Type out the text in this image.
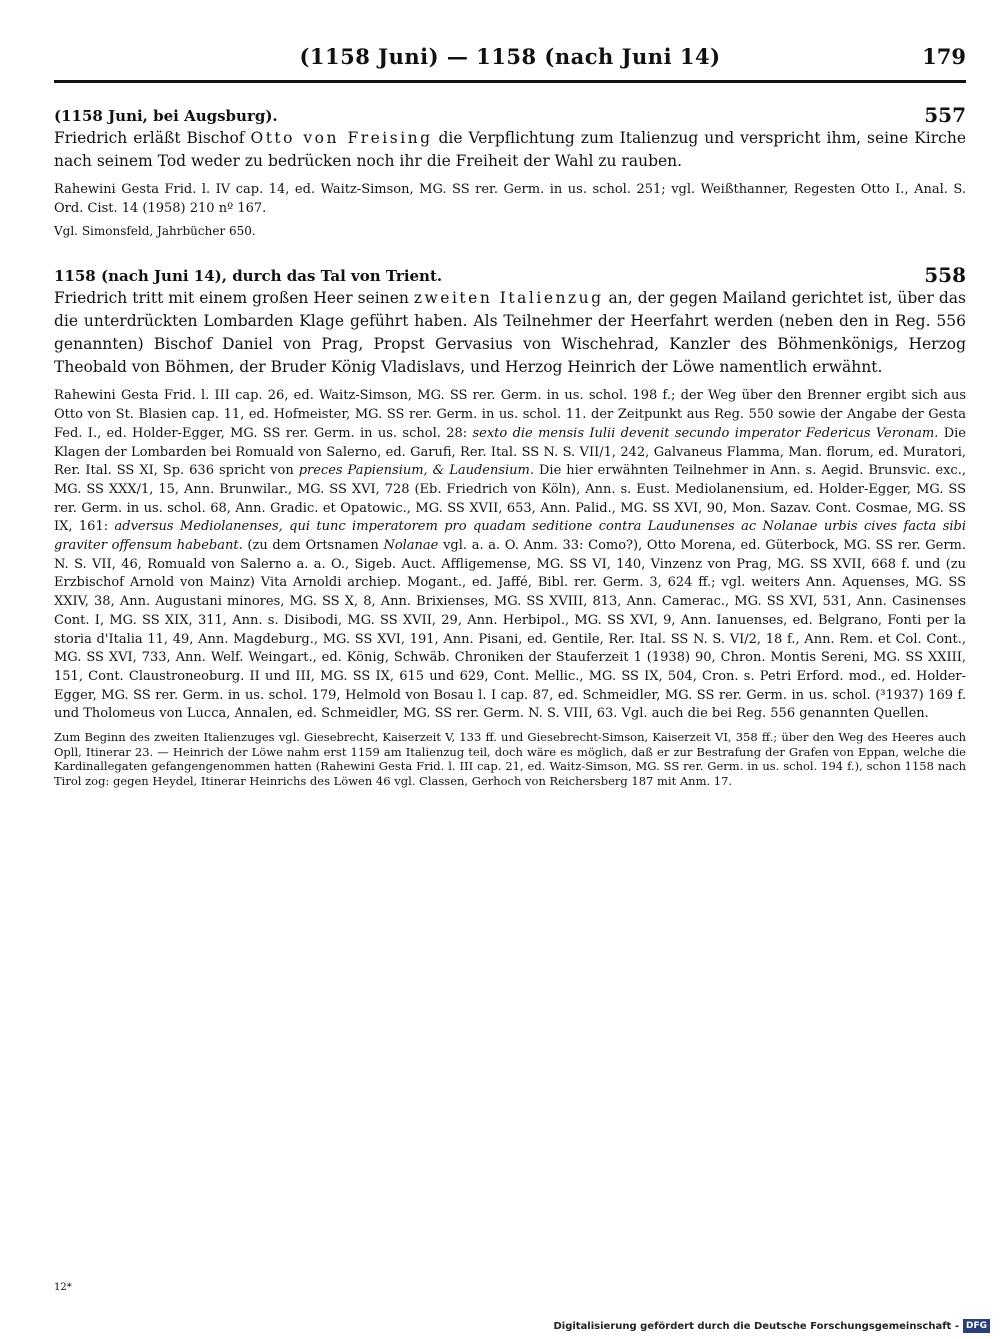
(1158 Juni) — 1158 (nach Juni 14)	179
(1158 Juni, bei Augsburg).	557

Friedrich erläßt Bischof Otto von Freising die Verpflichtung zum Italienzug und verspricht ihm, seine Kirche nach seinem Tod weder zu bedrücken noch ihr die Freiheit der Wahl zu rauben.

Rahewini Gesta Frid. l. IV cap. 14, ed. Waitz-Simson, MG. SS rer. Germ. in us. schol. 251; vgl. Weißthanner, Regesten Otto I., Anal. S. Ord. Cist. 14 (1958) 210 nº 167.

Vgl. Simonsfeld, Jahrbücher 650.

1158 (nach Juni 14), durch das Tal von Trient.	558

Friedrich tritt mit einem großen Heer seinen zweiten Italienzug an, der gegen Mailand gerichtet ist, über das die unterdrückten Lombarden Klage geführt haben. Als Teilnehmer der Heerfahrt werden (neben den in Reg. 556 genannten) Bischof Daniel von Prag, Propst Gervasius von Wischehrad, Kanzler des Böhmenkönigs, Herzog Theobald von Böhmen, der Bruder König Vladislavs, und Herzog Heinrich der Löwe namentlich erwähnt.

Rahewini Gesta Frid. l. III cap. 26, ed. Waitz-Simson, MG. SS rer. Germ. in us. schol. 198 f.; der Weg über den Brenner ergibt sich aus Otto von St. Blasien cap. 11, ed. Hofmeister, MG. SS rer. Germ. in us. schol. 11. der Zeitpunkt aus Reg. 550 sowie der Angabe der Gesta Fed. I., ed. Holder-Egger, MG. SS rer. Germ. in us. schol. 28: sexto die mensis Iulii devenit secundo imperator Federicus Veronam. Die Klagen der Lombarden bei Romuald von Salerno, ed. Garufi, Rer. Ital. SS N. S. VII/1, 242, Galvaneus Flamma, Man. florum, ed. Muratori, Rer. Ital. SS XI, Sp. 636 spricht von preces Papiensium, & Laudensium. Die hier erwähnten Teilnehmer in Ann. s. Aegid. Brunsvic. exc., MG. SS XXX/1, 15, Ann. Brunwilar., MG. SS XVI, 728 (Eb. Friedrich von Köln), Ann. s. Eust. Mediolanensium, ed. Holder-Egger, MG. SS rer. Germ. in us. schol. 68, Ann. Gradic. et Opatowic., MG. SS XVII, 653, Ann. Palid., MG. SS XVI, 90, Mon. Sazav. Cont. Cosmae, MG. SS IX, 161: adversus Mediolanenses, qui tunc imperatorem pro quadam seditione contra Laudunenses ac Nolanae urbis cives facta sibi graviter offensum habebant. (zu dem Ortsnamen Nolanae vgl. a. a. O. Anm. 33: Como?), Otto Morena, ed. Güterbock, MG. SS rer. Germ. N. S. VII, 46, Romuald von Salerno a. a. O., Sigeb. Auct. Affligemense, MG. SS VI, 140, Vinzenz von Prag, MG. SS XVII, 668 f. und (zu Erzbischof Arnold von Mainz) Vita Arnoldi archiep. Mogant., ed. Jaffé, Bibl. rer. Germ. 3, 624 ff.; vgl. weiters Ann. Aquenses, MG. SS XXIV, 38, Ann. Augustani minores, MG. SS X, 8, Ann. Brixienses, MG. SS XVIII, 813, Ann. Camerac., MG. SS XVI, 531, Ann. Casinenses Cont. I, MG. SS XIX, 311, Ann. s. Disibodi, MG. SS XVII, 29, Ann. Herbipol., MG. SS XVI, 9, Ann. Ianuenses, ed. Belgrano, Fonti per la storia d'Italia 11, 49, Ann. Magdeburg., MG. SS XVI, 191, Ann. Pisani, ed. Gentile, Rer. Ital. SS N. S. VI/2, 18 f., Ann. Rem. et Col. Cont., MG. SS XVI, 733, Ann. Welf. Weingart., ed. König, Schwäb. Chroniken der Stauferzeit 1 (1938) 90, Chron. Montis Sereni, MG. SS XXIII, 151, Cont. Claustroneoburg. II und III, MG. SS IX, 615 und 629, Cont. Mellic., MG. SS IX, 504, Cron. s. Petri Erford. mod., ed. Holder-Egger, MG. SS rer. Germ. in us. schol. 179, Helmold von Bosau l. I cap. 87, ed. Schmeidler, MG. SS rer. Germ. in us. schol. (³1937) 169 f. und Tholomeus von Lucca, Annalen, ed. Schmeidler, MG. SS rer. Germ. N. S. VIII, 63. Vgl. auch die bei Reg. 556 genannten Quellen.

Zum Beginn des zweiten Italienzuges vgl. Giesebrecht, Kaiserzeit V, 133 ff. und Giesebrecht-Simson, Kaiserzeit VI, 358 ff.; über den Weg des Heeres auch Opll, Itinerar 23. — Heinrich der Löwe nahm erst 1159 am Italienzug teil, doch wäre es möglich, daß er zur Bestrafung der Grafen von Eppan, welche die Kardinallegaten gefangengenommen hatten (Rahewini Gesta Frid. l. III cap. 21, ed. Waitz-Simson, MG. SS rer. Germ. in us. schol. 194 f.), schon 1158 nach Tirol zog: gegen Heydel, Itinerar Heinrichs des Löwen 46 vgl. Classen, Gerhoch von Reichersberg 187 mit Anm. 17.

12*
Digitalisierung gefördert durch die Deutsche Forschungsgemeinschaft - DFG
